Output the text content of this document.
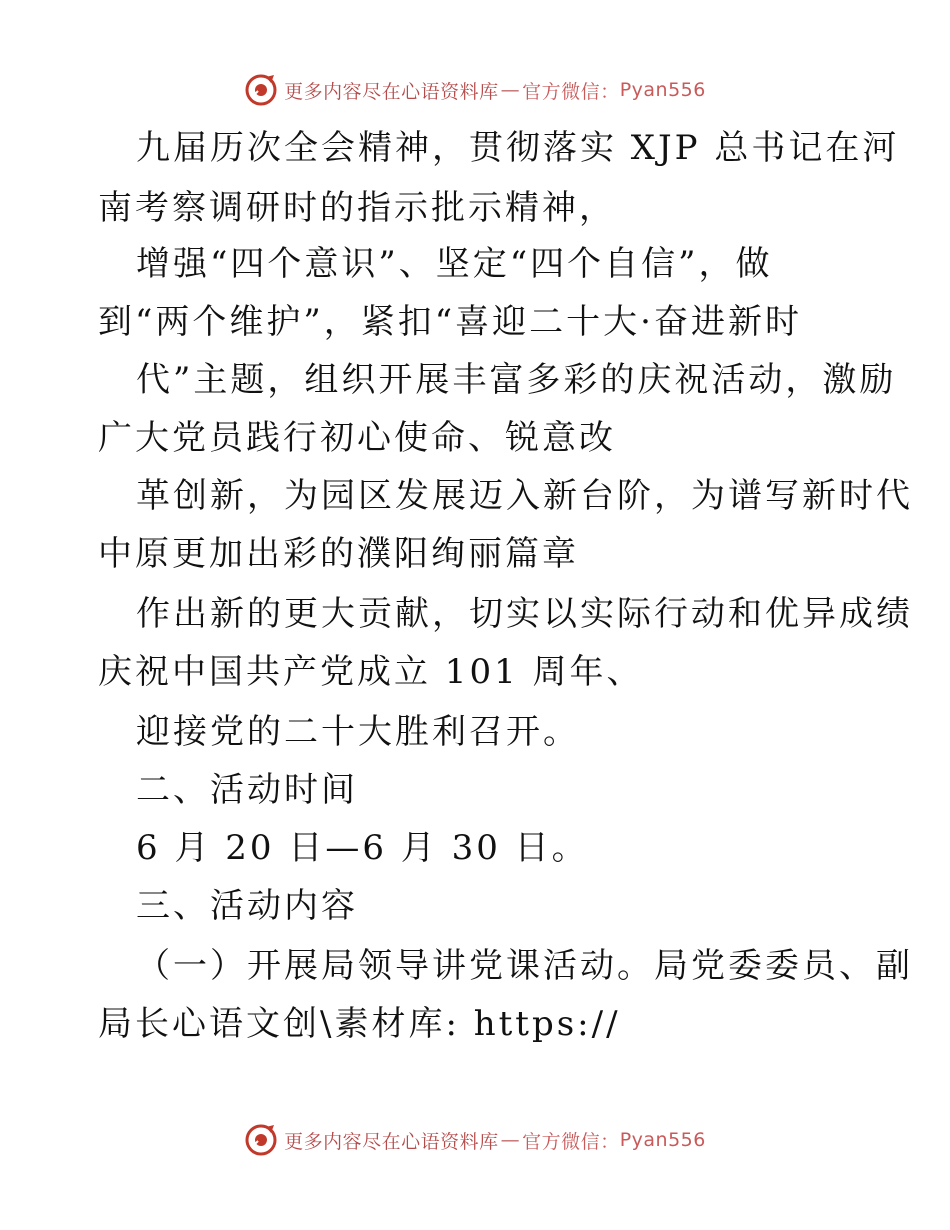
更多内容尽在心语资料库 — 官方微信： Pyan556
九届历次全会精神，贯彻落实 XJP 总书记在河
南考察调研时的指示批示精神，
增强“四个意识”、坚定“四个自信”，做
到“两个维护”，紧扣“喜迎二十大·奋进新时
代”主题，组织开展丰富多彩的庆祝活动，激励
广大党员践行初心使命、锐意改
革创新，为园区发展迈入新台阶，为谱写新时代
中原更加出彩的濮阳绚丽篇章
作出新的更大贡献，切实以实际行动和优异成绩
庆祝中国共产党成立 101 周年、
迎接党的二十大胜利召开。
二、活动时间
6 月 20 日—6 月 30 日。
三、活动内容
（一）开展局领导讲党课活动。局党委委员、副
局长心语文创\素材库: https://
更多内容尽在心语资料库 — 官方微信： Pyan556
